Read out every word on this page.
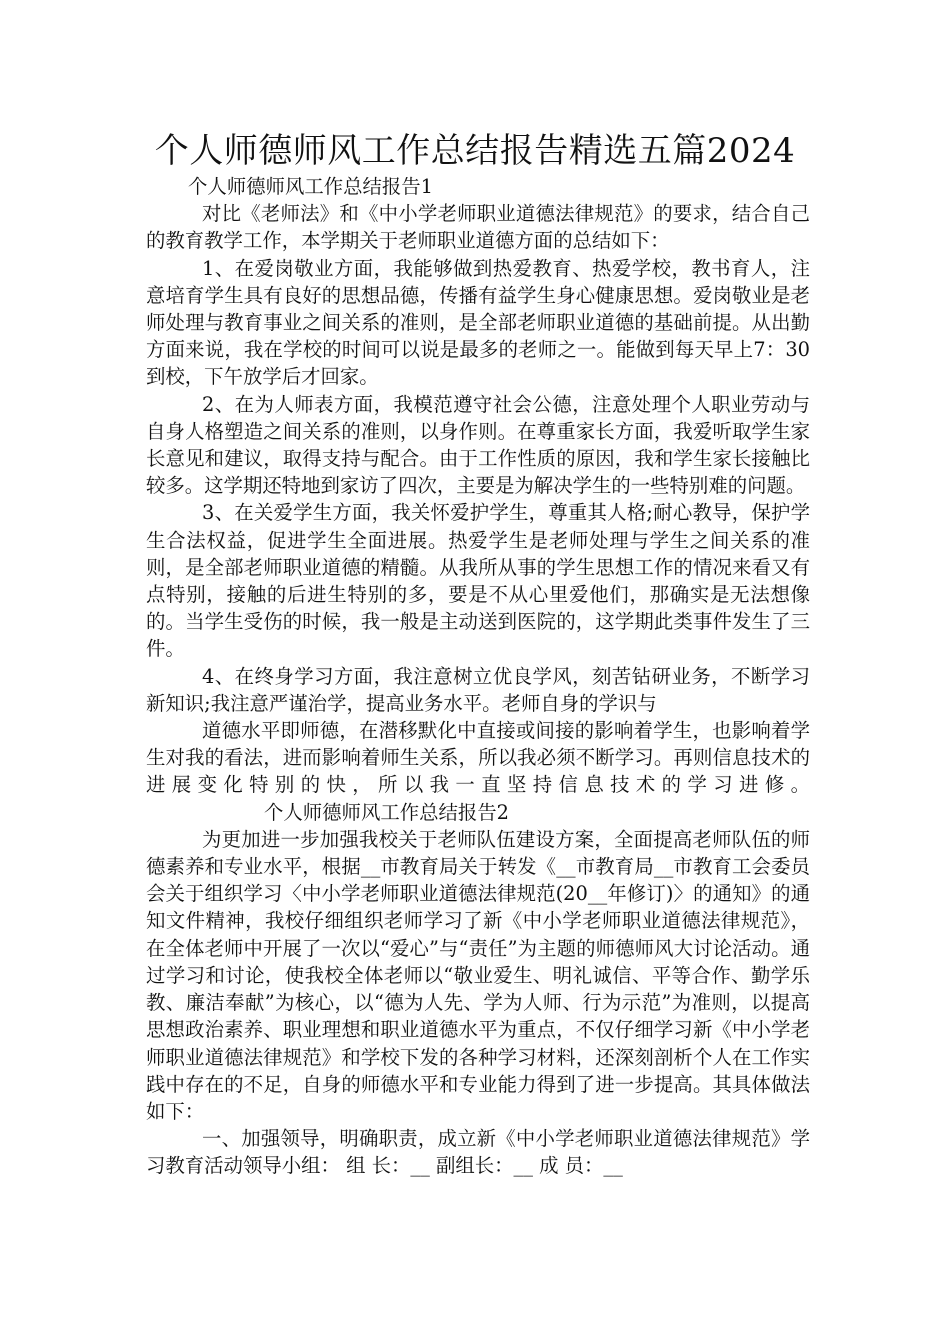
个人师德师风工作总结报告精选五篇2024

个人师德师风工作总结报告1

对比《老师法》和《中小学老师职业道德法律规范》的要求，结合自己的教育教学工作，本学期关于老师职业道德方面的总结如下：

1、在爱岗敬业方面，我能够做到热爱教育、热爱学校，教书育人，注意培育学生具有良好的思想品德，传播有益学生身心健康思想。爱岗敬业是老师处理与教育事业之间关系的准则，是全部老师职业道德的基础前提。从出勤方面来说，我在学校的时间可以说是最多的老师之一。能做到每天早上7：30到校，下午放学后才回家。

2、在为人师表方面，我模范遵守社会公德，注意处理个人职业劳动与自身人格塑造之间关系的准则，以身作则。在尊重家长方面，我爱听取学生家长意见和建议，取得支持与配合。由于工作性质的原因，我和学生家长接触比较多。这学期还特地到家访了四次，主要是为解决学生的一些特别难的问题。

3、在关爱学生方面，我关怀爱护学生，尊重其人格;耐心教导，保护学生合法权益，促进学生全面进展。热爱学生是老师处理与学生之间关系的准则，是全部老师职业道德的精髓。从我所从事的学生思想工作的情况来看又有点特别，接触的后进生特别的多，要是不从心里爱他们，那确实是无法想像的。当学生受伤的时候，我一般是主动送到医院的，这学期此类事件发生了三件。

4、在终身学习方面，我注意树立优良学风，刻苦钻研业务，不断学习新知识;我注意严谨治学，提高业务水平。老师自身的学识与

道德水平即师德，在潜移默化中直接或间接的影响着学生，也影响着学生对我的看法，进而影响着师生关系，所以我必须不断学习。再则信息技术的进展变化特别的快，所以我一直坚持信息技术的学习进修。个人师德师风工作总结报告2

为更加进一步加强我校关于老师队伍建设方案，全面提高老师队伍的师德素养和专业水平，根据__市教育局关于转发《__市教育局__市教育工会委员会关于组织学习〈中小学老师职业道德法律规范(20__年修订)〉的通知》的通知文件精神，我校仔细组织老师学习了新《中小学老师职业道德法律规范》，在全体老师中开展了一次以“爱心”与“责任”为主题的师德师风大讨论活动。通过学习和讨论，使我校全体老师以“敬业爱生、明礼诚信、平等合作、勤学乐教、廉洁奉献”为核心，以“德为人先、学为人师、行为示范”为准则，以提高思想政治素养、职业理想和职业道德水平为重点，不仅仔细学习新《中小学老师职业道德法律规范》和学校下发的各种学习材料，还深刻剖析个人在工作实践中存在的不足，自身的师德水平和专业能力得到了进一步提高。其具体做法如下：

一、加强领导，明确职责，成立新《中小学老师职业道德法律规范》学习教育活动领导小组： 组 长：__ 副组长：__ 成 员：__
